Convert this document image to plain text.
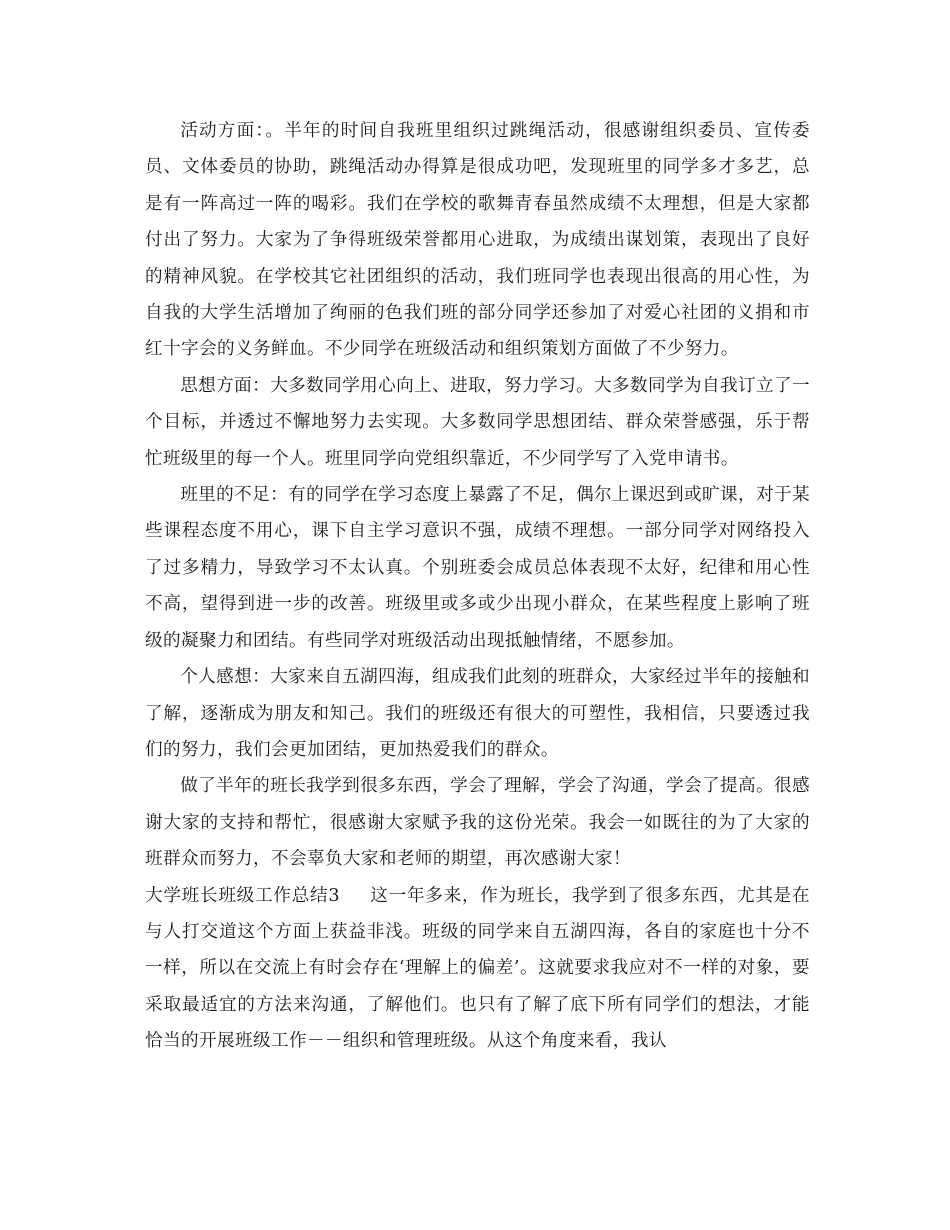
活动方面：。半年的时间自我班里组织过跳绳活动，很感谢组织委员、宣传委员、文体委员的协助，跳绳活动办得算是很成功吧，发现班里的同学多才多艺，总是有一阵高过一阵的喝彩。我们在学校的歌舞青春虽然成绩不太理想，但是大家都付出了努力。大家为了争得班级荣誉都用心进取，为成绩出谋划策，表现出了良好的精神风貌。在学校其它社团组织的活动，我们班同学也表现出很高的用心性，为自我的大学生活增加了绚丽的色我们班的部分同学还参加了对爱心社团的义捐和市红十字会的义务鲜血。不少同学在班级活动和组织策划方面做了不少努力。

思想方面：大多数同学用心向上、进取，努力学习。大多数同学为自我订立了一个目标，并透过不懈地努力去实现。大多数同学思想团结、群众荣誉感强，乐于帮忙班级里的每一个人。班里同学向党组织靠近，不少同学写了入党申请书。

班里的不足：有的同学在学习态度上暴露了不足，偶尔上课迟到或旷课，对于某些课程态度不用心，课下自主学习意识不强，成绩不理想。一部分同学对网络投入了过多精力，导致学习不太认真。个别班委会成员总体表现不太好，纪律和用心性不高，望得到进一步的改善。班级里或多或少出现小群众，在某些程度上影响了班级的凝聚力和团结。有些同学对班级活动出现抵触情绪，不愿参加。

个人感想：大家来自五湖四海，组成我们此刻的班群众，大家经过半年的接触和了解，逐渐成为朋友和知己。我们的班级还有很大的可塑性，我相信，只要透过我们的努力，我们会更加团结，更加热爱我们的群众。

做了半年的班长我学到很多东西，学会了理解，学会了沟通，学会了提高。很感谢大家的支持和帮忙，很感谢大家赋予我的这份光荣。我会一如既往的为了大家的班群众而努力，不会辜负大家和老师的期望，再次感谢大家！

大学班长班级工作总结3 这一年多来，作为班长，我学到了很多东西，尤其是在与人打交道这个方面上获益非浅。班级的同学来自五湖四海，各自的家庭也十分不一样，所以在交流上有时会存在‘理解上的偏差’。这就要求我应对不一样的对象，要采取最适宜的方法来沟通，了解他们。也只有了解了底下所有同学们的想法，才能恰当的开展班级工作－－组织和管理班级。从这个角度来看，我认
